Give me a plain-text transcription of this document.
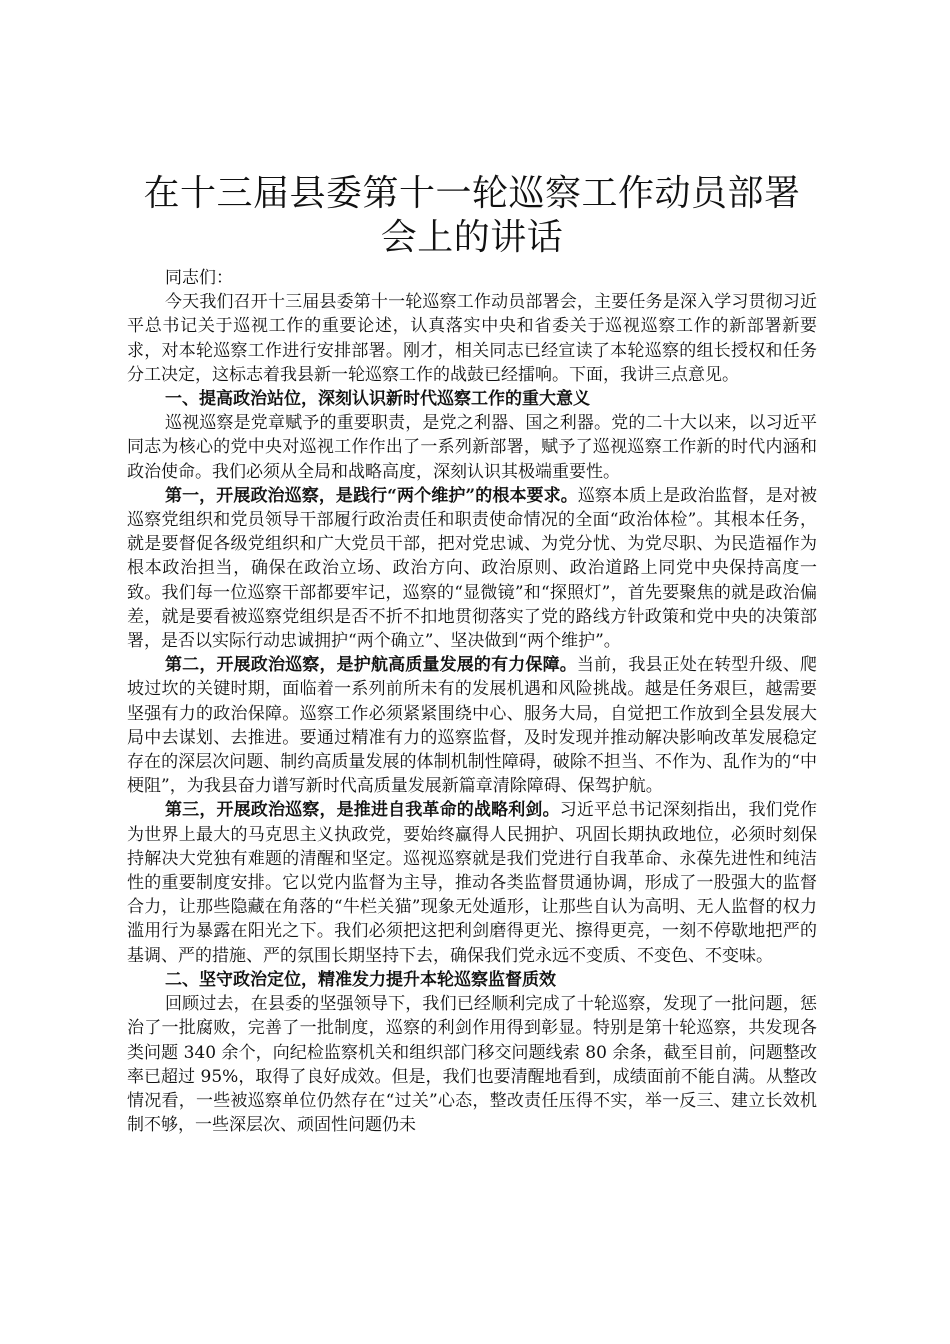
在十三届县委第十一轮巡察工作动员部署会上的讲话

同志们：

今天我们召开十三届县委第十一轮巡察工作动员部署会，主要任务是深入学习贯彻习近平总书记关于巡视工作的重要论述，认真落实中央和省委关于巡视巡察工作的新部署新要求，对本轮巡察工作进行安排部署。刚才，相关同志已经宣读了本轮巡察的组长授权和任务分工决定，这标志着我县新一轮巡察工作的战鼓已经擂响。下面，我讲三点意见。

一、提高政治站位，深刻认识新时代巡察工作的重大意义

巡视巡察是党章赋予的重要职责，是党之利器、国之利器。党的二十大以来，以习近平同志为核心的党中央对巡视工作作出了一系列新部署，赋予了巡视巡察工作新的时代内涵和政治使命。我们必须从全局和战略高度，深刻认识其极端重要性。

第一，开展政治巡察，是践行“两个维护”的根本要求。巡察本质上是政治监督，是对被巡察党组织和党员领导干部履行政治责任和职责使命情况的全面“政治体检”。其根本任务，就是要督促各级党组织和广大党员干部，把对党忠诚、为党分忧、为党尽职、为民造福作为根本政治担当，确保在政治立场、政治方向、政治原则、政治道路上同党中央保持高度一致。我们每一位巡察干部都要牢记，巡察的“显微镜”和“探照灯”，首先要聚焦的就是政治偏差，就是要看被巡察党组织是否不折不扣地贯彻落实了党的路线方针政策和党中央的决策部署，是否以实际行动忠诚拥护“两个确立”、坚决做到“两个维护”。

第二，开展政治巡察，是护航高质量发展的有力保障。当前，我县正处在转型升级、爬坡过坎的关键时期，面临着一系列前所未有的发展机遇和风险挑战。越是任务艰巨，越需要坚强有力的政治保障。巡察工作必须紧紧围绕中心、服务大局，自觉把工作放到全县发展大局中去谋划、去推进。要通过精准有力的巡察监督，及时发现并推动解决影响改革发展稳定存在的深层次问题、制约高质量发展的体制机制性障碍，破除不担当、不作为、乱作为的“中梗阻”，为我县奋力谱写新时代高质量发展新篇章清除障碍、保驾护航。

第三，开展政治巡察，是推进自我革命的战略利剑。习近平总书记深刻指出，我们党作为世界上最大的马克思主义执政党，要始终赢得人民拥护、巩固长期执政地位，必须时刻保持解决大党独有难题的清醒和坚定。巡视巡察就是我们党进行自我革命、永葆先进性和纯洁性的重要制度安排。它以党内监督为主导，推动各类监督贯通协调，形成了一股强大的监督合力，让那些隐藏在角落的“牛栏关猫”现象无处遁形，让那些自认为高明、无人监督的权力滥用行为暴露在阳光之下。我们必须把这把利剑磨得更光、擦得更亮，一刻不停歇地把严的基调、严的措施、严的氛围长期坚持下去，确保我们党永远不变质、不变色、不变味。

二、坚守政治定位，精准发力提升本轮巡察监督质效

回顾过去，在县委的坚强领导下，我们已经顺利完成了十轮巡察，发现了一批问题，惩治了一批腐败，完善了一批制度，巡察的利剑作用得到彰显。特别是第十轮巡察，共发现各类问题 340 余个，向纪检监察机关和组织部门移交问题线索 80 余条，截至目前，问题整改率已超过 95%，取得了良好成效。但是，我们也要清醒地看到，成绩面前不能自满。从整改情况看，一些被巡察单位仍然存在“过关”心态，整改责任压得不实，举一反三、建立长效机制不够，一些深层次、顽固性问题仍未
